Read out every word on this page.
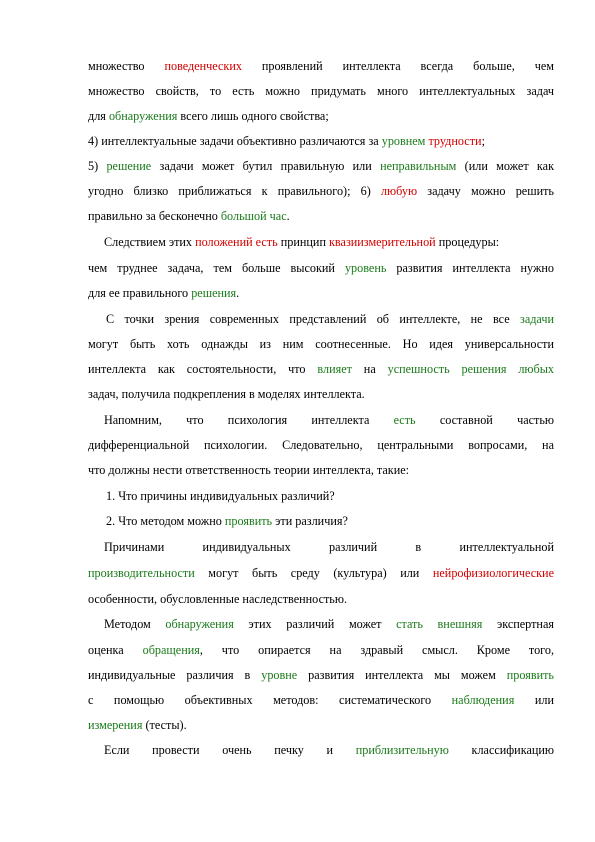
множество поведенческих проявлений интеллекта всегда больше, чем
множество свойств, то есть можно придумать много интеллектуальных задач
для обнаружения всего лишь одного свойства;
4) интеллектуальные задачи объективно различаются за уровнем трудности;
5) решение задачи может бутил правильную или неправильным (или может как
угодно близко приближаться к правильного); 6) любую задачу можно решить
правильно за бесконечно большой час.
Следствием этих положений есть принцип квазиизмерительной процедуры:
чем труднее задача, тем больше высокий уровень развития интеллекта нужно
для ее правильного решения.
С точки зрения современных представлений об интеллекте, не все задачи
могут быть хоть однажды из ним соотнесенные. Но идея универсальности
интеллекта как состоятельности, что влияет на успешность решения любых
задач, получила подкрепления в моделях интеллекта.
Напомним, что психология интеллекта есть составной частью
дифференциальной психологии. Следовательно, центральными вопросами, на
что должны нести ответственность теории интеллекта, такие:
1. Что причины индивидуальных различий?
2. Что методом можно проявить эти различия?
Причинами индивидуальных различий в интеллектуальной
производительности могут быть среду (культура) или нейрофизиологические
особенности, обусловленные наследственностью.
Методом обнаружения этих различий может стать внешняя экспертная
оценка обращения, что опирается на здравый смысл. Кроме того,
индивидуальные различия в уровне развития интеллекта мы можем проявить
с помощью объективных методов: систематического наблюдения или
измерения (тесты).
Если провести очень печку и приблизительную классификацию
